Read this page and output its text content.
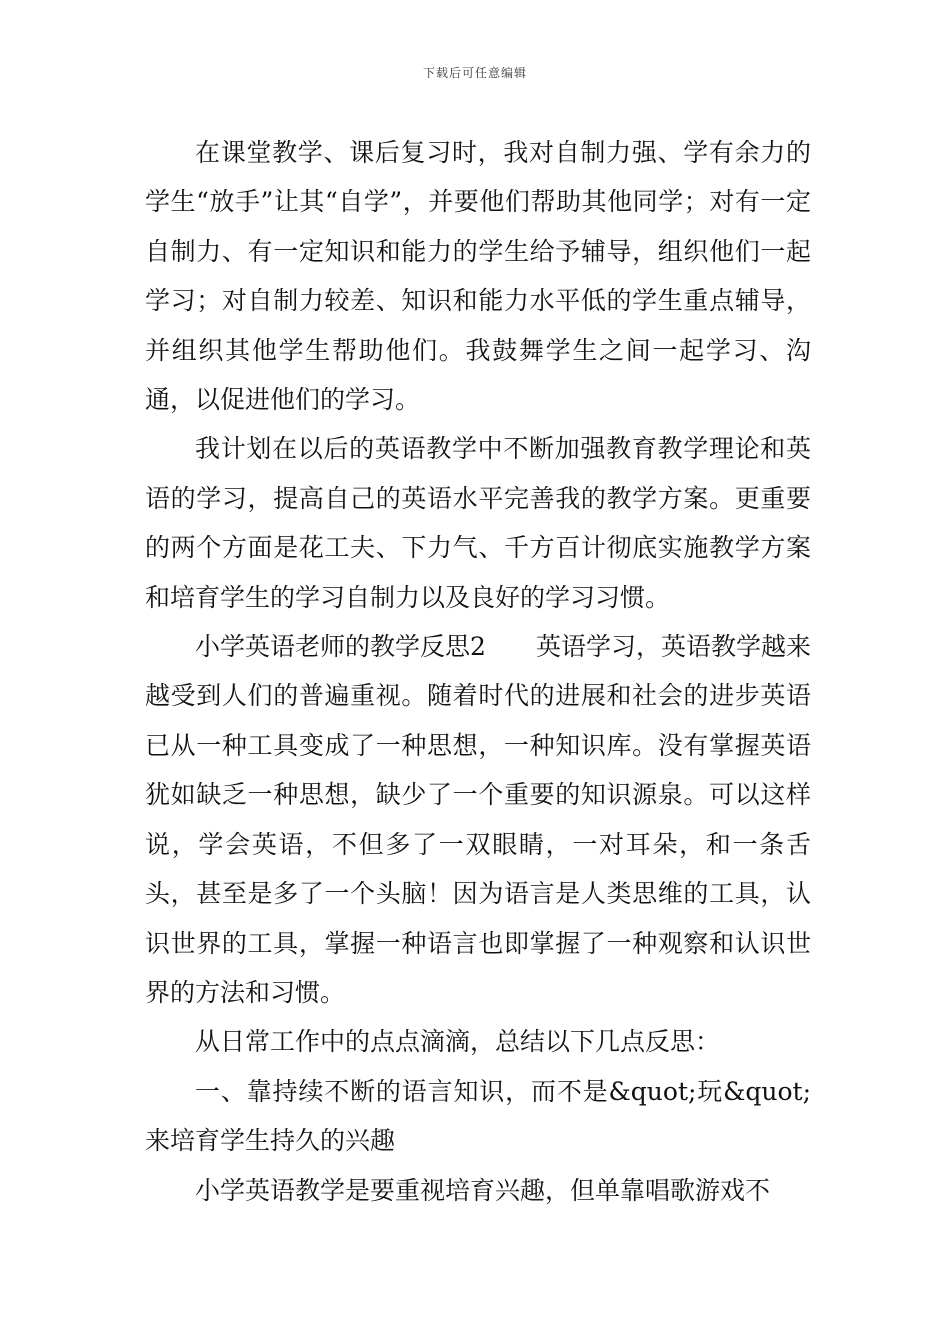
下载后可任意编辑

在课堂教学、课后复习时，我对自制力强、学有余力的学生“放手”让其“自学”，并要他们帮助其他同学；对有一定自制力、有一定知识和能力的学生给予辅导，组织他们一起学习；对自制力较差、知识和能力水平低的学生重点辅导，并组织其他学生帮助他们。我鼓舞学生之间一起学习、沟通，以促进他们的学习。

我计划在以后的英语教学中不断加强教育教学理论和英语的学习，提高自己的英语水平完善我的教学方案。更重要的两个方面是花工夫、下力气、千方百计彻底实施教学方案和培育学生的学习自制力以及良好的学习习惯。

小学英语老师的教学反思2　　英语学习，英语教学越来越受到人们的普遍重视。随着时代的进展和社会的进步英语已从一种工具变成了一种思想，一种知识库。没有掌握英语犹如缺乏一种思想，缺少了一个重要的知识源泉。可以这样说，学会英语，不但多了一双眼睛，一对耳朵，和一条舌头，甚至是多了一个头脑！因为语言是人类思维的工具，认识世界的工具，掌握一种语言也即掌握了一种观察和认识世界的方法和习惯。

从日常工作中的点点滴滴，总结以下几点反思：

一、靠持续不断的语言知识，而不是&quot;玩&quot;来培育学生持久的兴趣

小学英语教学是要重视培育兴趣，但单靠唱歌游戏不
